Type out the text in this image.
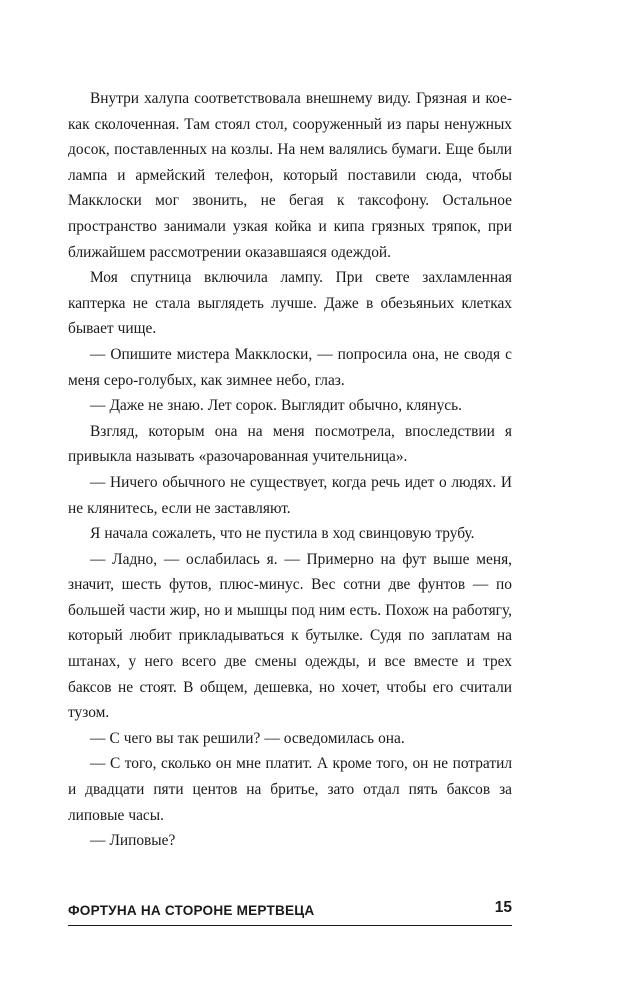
Внутри халупа соответствовала внешнему виду. Грязная и кое-как сколоченная. Там стоял стол, сооруженный из пары ненужных досок, поставленных на козлы. На нем валялись бумаги. Еще были лампа и армейский телефон, который поставили сюда, чтобы Макклоски мог звонить, не бегая к таксофону. Остальное пространство занимали узкая койка и кипа грязных тряпок, при ближайшем рассмотрении оказавшаяся одеждой.

Моя спутница включила лампу. При свете захламленная каптерка не стала выглядеть лучше. Даже в обезьяньих клетках бывает чище.

— Опишите мистера Макклоски, — попросила она, не сводя с меня серо-голубых, как зимнее небо, глаз.

— Даже не знаю. Лет сорок. Выглядит обычно, клянусь.

Взгляд, которым она на меня посмотрела, впоследствии я привыкла называть «разочарованная учительница».

— Ничего обычного не существует, когда речь идет о людях. И не клянитесь, если не заставляют.

Я начала сожалеть, что не пустила в ход свинцовую трубу.

— Ладно, — ослабилась я. — Примерно на фут выше меня, значит, шесть футов, плюс-минус. Вес сотни две фунтов — по большей части жир, но и мышцы под ним есть. Похож на работягу, который любит прикладываться к бутылке. Судя по заплатам на штанах, у него всего две смены одежды, и все вместе и трех баксов не стоят. В общем, дешевка, но хочет, чтобы его считали тузом.

— С чего вы так решили? — осведомилась она.

— С того, сколько он мне платит. А кроме того, он не потратил и двадцати пяти центов на бритье, зато отдал пять баксов за липовые часы.

— Липовые?

ФОРТУНА НА СТОРОНЕ МЕРТВЕЦА	15
